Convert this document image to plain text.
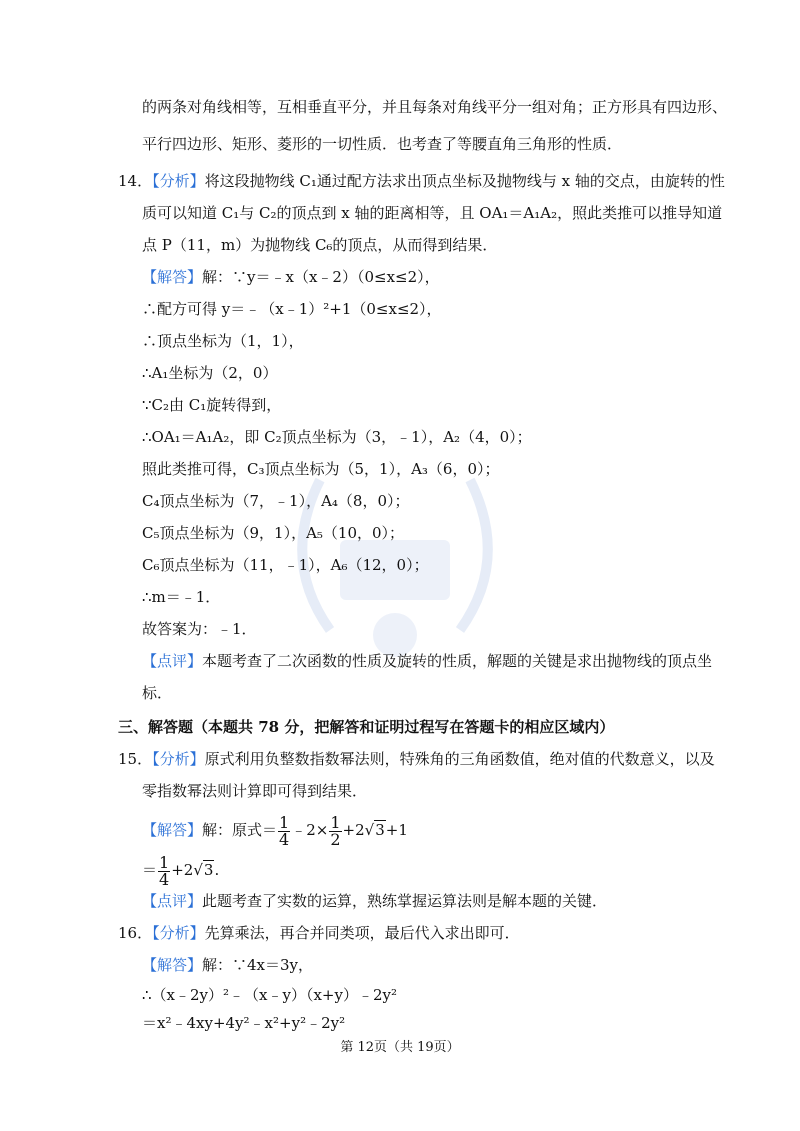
的两条对角线相等，互相垂直平分，并且每条对角线平分一组对角；正方形具有四边形、
平行四边形、矩形、菱形的一切性质．也考查了等腰直角三角形的性质．
14．【分析】将这段抛物线 C₁通过配方法求出顶点坐标及抛物线与 x 轴的交点，由旋转的性
质可以知道 C₁与 C₂的顶点到 x 轴的距离相等，且 OA₁＝A₁A₂，照此类推可以推导知道
点 P（11，m）为抛物线 C₆的顶点，从而得到结果．
【解答】解：∵y＝﹣x（x﹣2）（0≤x≤2），
∴配方可得 y＝﹣（x﹣1）²+1（0≤x≤2），
∴顶点坐标为（1，1），
∴A₁坐标为（2，0）
∵C₂由 C₁旋转得到，
∴OA₁＝A₁A₂，即 C₂顶点坐标为（3，﹣1），A₂（4，0）；
照此类推可得，C₃顶点坐标为（5，1），A₃（6，0）；
C₄顶点坐标为（7，﹣1），A₄（8，0）；
C₅顶点坐标为（9，1），A₅（10，0）；
C₆顶点坐标为（11，﹣1），A₆（12，0）；
∴m＝﹣1．
故答案为：﹣1．
【点评】本题考查了二次函数的性质及旋转的性质，解题的关键是求出抛物线的顶点坐
标．
三、解答题（本题共 78 分，把解答和证明过程写在答题卡的相应区域内）
15．【分析】原式利用负整数指数幂法则，特殊角的三角函数值，绝对值的代数意义，以及
零指数幂法则计算即可得到结果．
【解答】解：原式＝ $\frac{1}{4}$ ﹣2× $\frac{1}{2} +2√3+1$
＝ $\frac{1}{4} +2√3$.
【点评】此题考查了实数的运算，熟练掌握运算法则是解本题的关键．
16．【分析】先算乘法，再合并同类项，最后代入求出即可．
【解答】解：∵4x＝3y，
∴（x﹣2y）²﹣（x﹣y）（x+y）﹣2y²
＝x²﹣4xy+4y²﹣x²+y²﹣2y²
第 12页（共 19页）
